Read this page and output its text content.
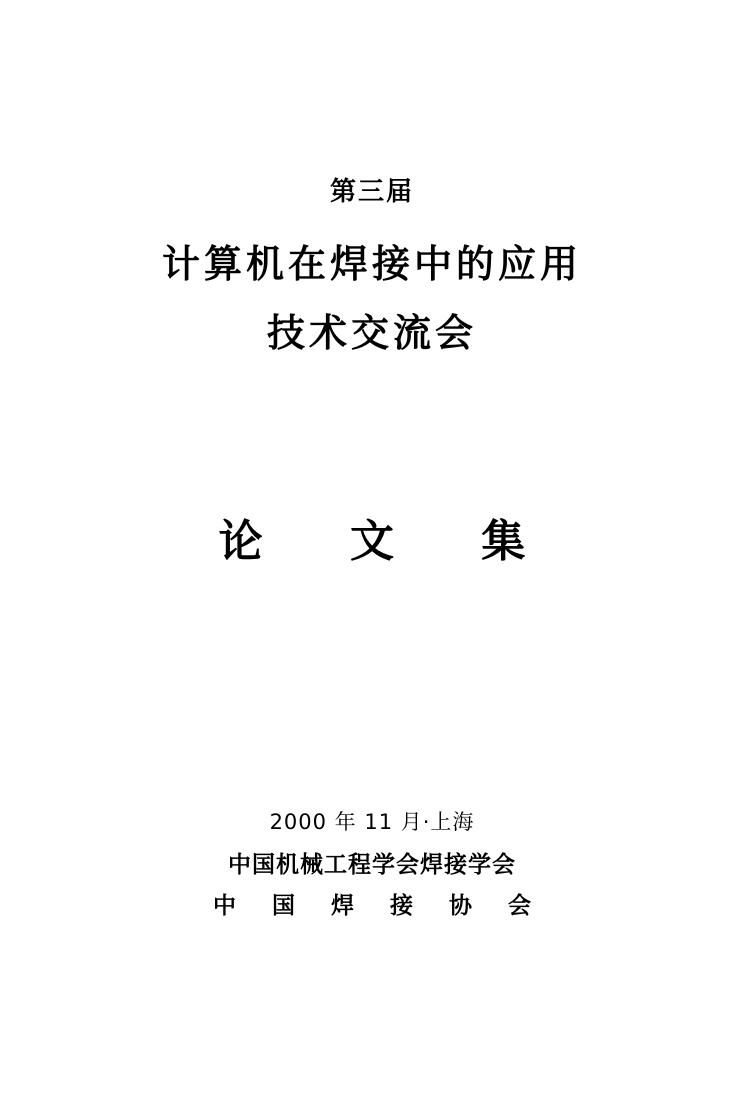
第三届
计算机在焊接中的应用
技术交流会
论 文 集
2000 年 11 月·上海
中国机械工程学会焊接学会
中 国 焊 接 协 会
